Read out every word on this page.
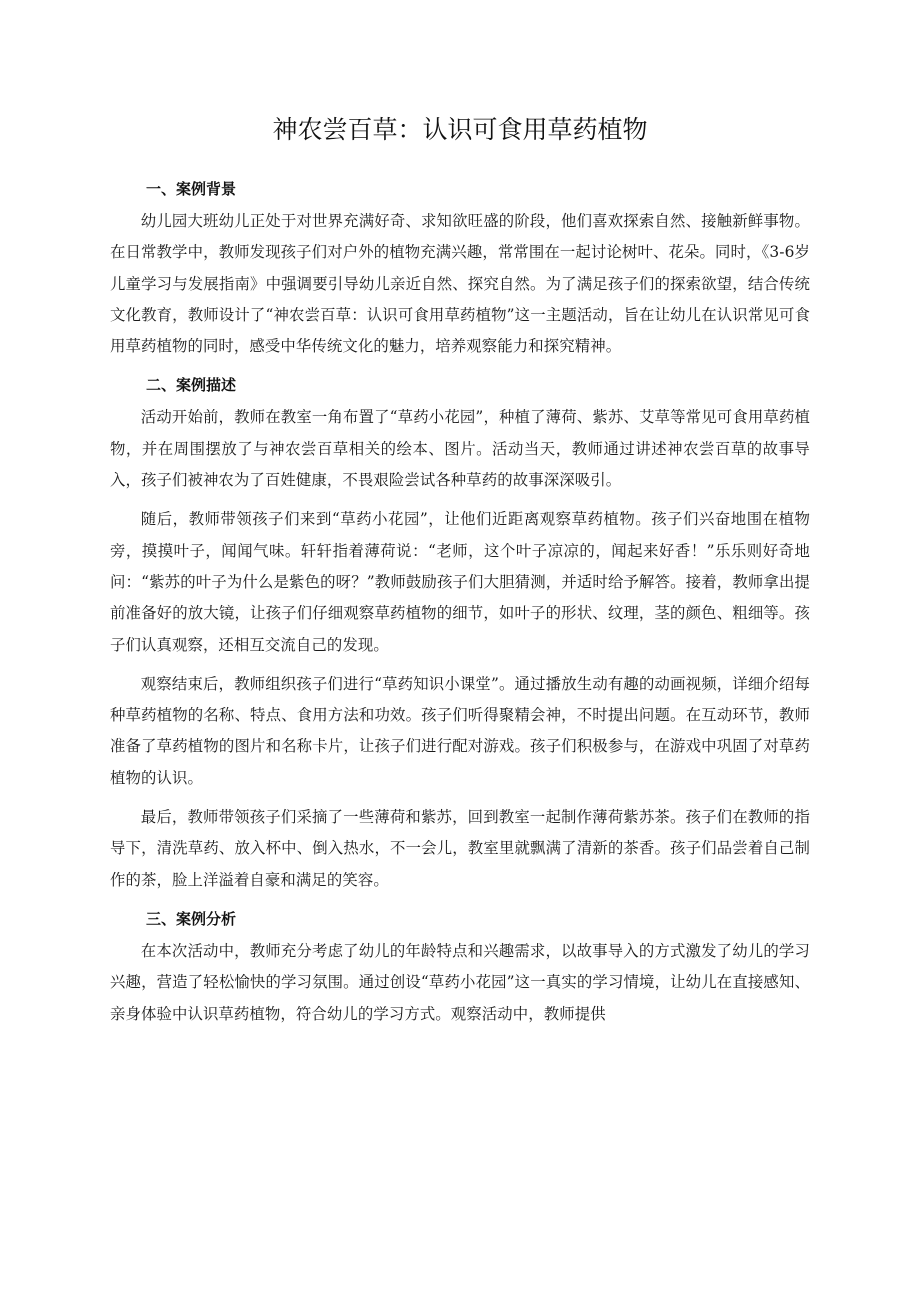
神农尝百草：认识可食用草药植物
一、案例背景

幼儿园大班幼儿正处于对世界充满好奇、求知欲旺盛的阶段，他们喜欢探索自然、接触新鲜事物。在日常教学中，教师发现孩子们对户外的植物充满兴趣，常常围在一起讨论树叶、花朵。同时，《3-6岁儿童学习与发展指南》中强调要引导幼儿亲近自然、探究自然。为了满足孩子们的探索欲望，结合传统文化教育，教师设计了“神农尝百草：认识可食用草药植物”这一主题活动，旨在让幼儿在认识常见可食用草药植物的同时，感受中华传统文化的魅力，培养观察能力和探究精神。

二、案例描述

活动开始前，教师在教室一角布置了“草药小花园”，种植了薄荷、紫苏、艾草等常见可食用草药植物，并在周围摆放了与神农尝百草相关的绘本、图片。活动当天，教师通过讲述神农尝百草的故事导入，孩子们被神农为了百姓健康，不畏艰险尝试各种草药的故事深深吸引。

随后，教师带领孩子们来到“草药小花园”，让他们近距离观察草药植物。孩子们兴奋地围在植物旁，摸摸叶子，闻闻气味。轩轩指着薄荷说：“老师，这个叶子凉凉的，闻起来好香！”乐乐则好奇地问：“紫苏的叶子为什么是紫色的呀？”教师鼓励孩子们大胆猜测，并适时给予解答。接着，教师拿出提前准备好的放大镜，让孩子们仔细观察草药植物的细节，如叶子的形状、纹理，茎的颜色、粗细等。孩子们认真观察，还相互交流自己的发现。

观察结束后，教师组织孩子们进行“草药知识小课堂”。通过播放生动有趣的动画视频，详细介绍每种草药植物的名称、特点、食用方法和功效。孩子们听得聚精会神，不时提出问题。在互动环节，教师准备了草药植物的图片和名称卡片，让孩子们进行配对游戏。孩子们积极参与，在游戏中巩固了对草药植物的认识。

最后，教师带领孩子们采摘了一些薄荷和紫苏，回到教室一起制作薄荷紫苏茶。孩子们在教师的指导下，清洗草药、放入杯中、倒入热水，不一会儿，教室里就飘满了清新的茶香。孩子们品尝着自己制作的茶，脸上洋溢着自豪和满足的笑容。

三、案例分析

在本次活动中，教师充分考虑了幼儿的年龄特点和兴趣需求，以故事导入的方式激发了幼儿的学习兴趣，营造了轻松愉快的学习氛围。通过创设“草药小花园”这一真实的学习情境，让幼儿在直接感知、亲身体验中认识草药植物，符合幼儿的学习方式。观察活动中，教师提供
